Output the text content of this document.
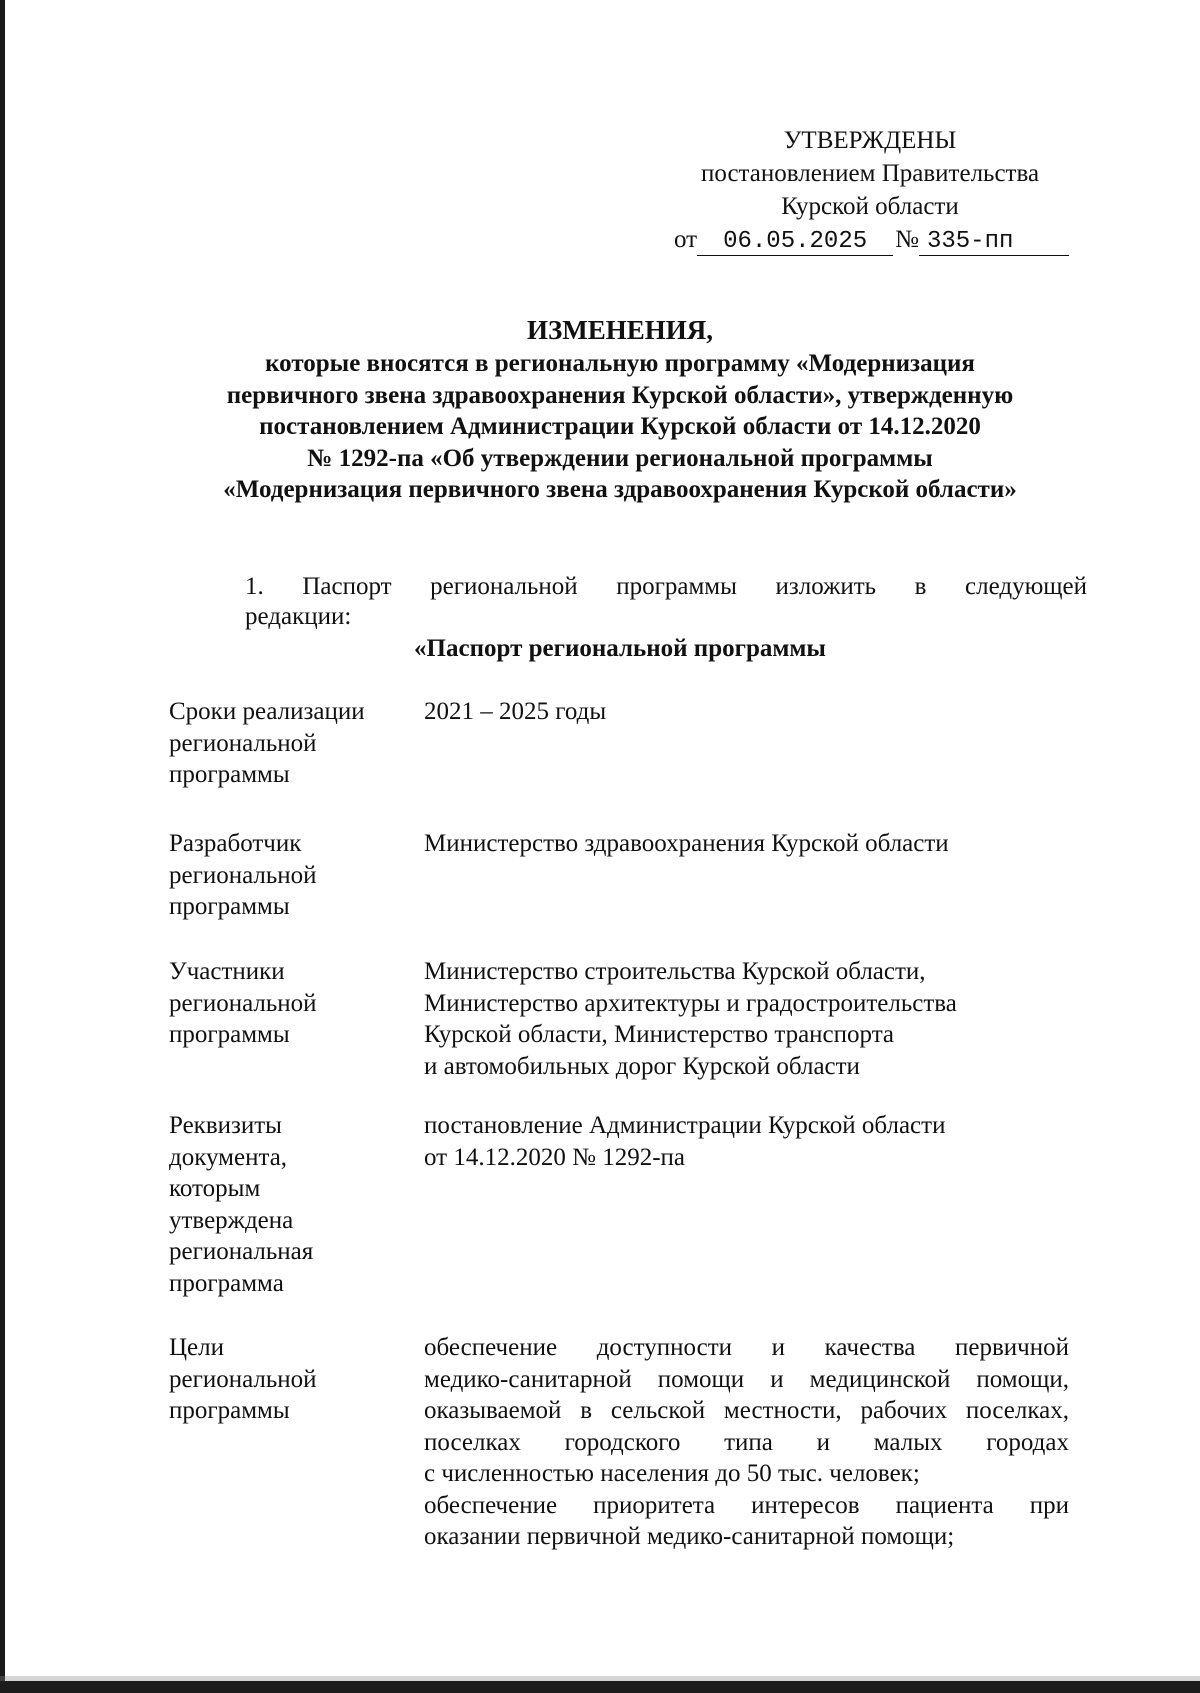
УТВЕРЖДЕНЫ
постановлением Правительства
Курской области
от	06.05.2025	№ 335-пп
ИЗМЕНЕНИЯ,
которые вносятся в региональную программу «Модернизация
первичного звена здравоохранения Курской области», утвержденную
постановлением Администрации Курской области от 14.12.2020
№ 1292-па «Об утверждении региональной программы
«Модернизация первичного звена здравоохранения Курской области»
1. Паспорт региональной программы изложить в следующей
редакции:
«Паспорт региональной программы
Сроки реализации
региональной
программы
2021 – 2025 годы
Разработчик
региональной
программы
Министерство здравоохранения Курской области
Участники
региональной
программы
Министерство строительства Курской области,
Министерство архитектуры и градостроительства
Курской области, Министерство транспорта
и автомобильных дорог Курской области
Реквизиты
документа,
которым
утверждена
региональная
программа
постановление Администрации Курской области
от 14.12.2020 № 1292-па
Цели
региональной
программы
обеспечение доступности и качества первичной
медико-санитарной помощи и медицинской помощи,
оказываемой в сельской местности, рабочих поселках,
поселках городского типа и малых городах
с численностью населения до 50 тыс. человек;
обеспечение приоритета интересов пациента при
оказании первичной медико-санитарной помощи;
